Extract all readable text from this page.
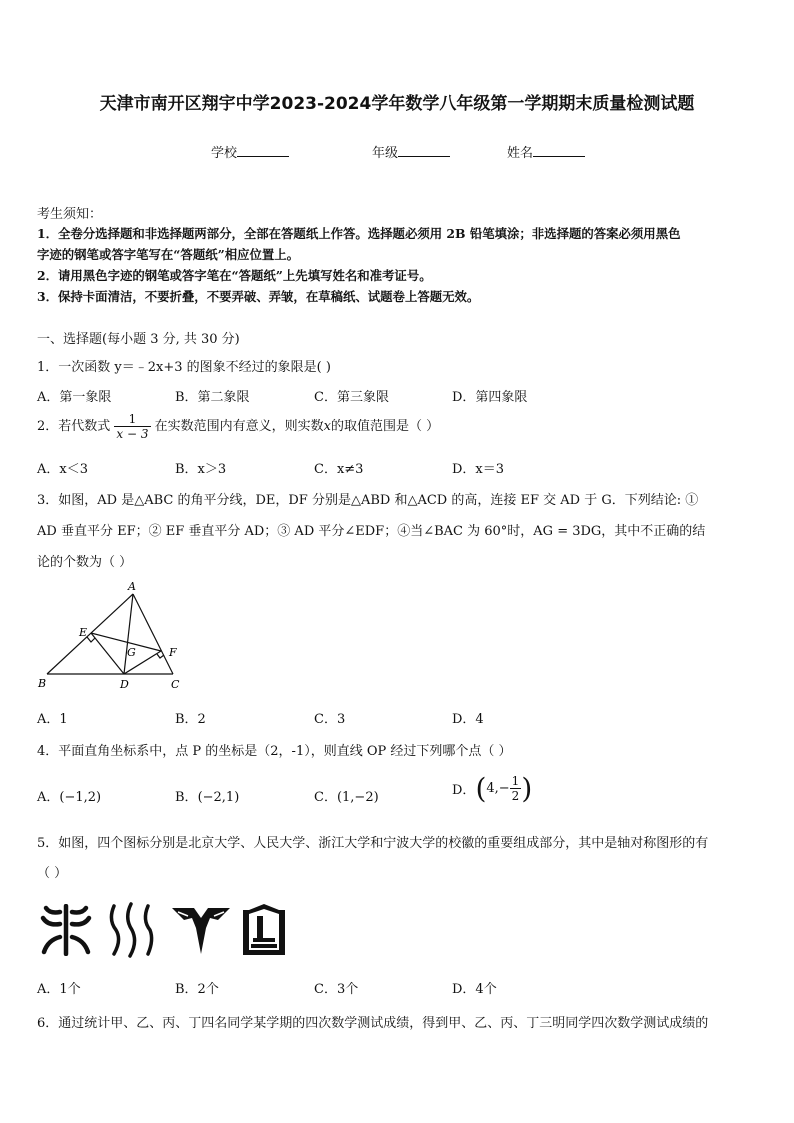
天津市南开区翔宇中学2023-2024学年数学八年级第一学期期末质量检测试题
学校	年级	姓名
考生须知：
1．全卷分选择题和非选择题两部分，全部在答题纸上作答。选择题必须用 2B 铅笔填涂；非选择题的答案必须用黑色
字迹的钢笔或答字笔写在“答题纸”相应位置上。
2．请用黑色字迹的钢笔或答字笔在“答题纸”上先填写姓名和准考证号。
3．保持卡面清洁，不要折叠，不要弄破、弄皱，在草稿纸、试题卷上答题无效。
一、选择题(每小题 3 分, 共 30 分)
1．一次函数 y＝﹣2x+3 的图象不经过的象限是( )
A．第一象限	B．第二象限	C．第三象限	D．第四象限
2．若代数式 $\frac{1}{x - 3}$ 在实数范围内有意义，则实数x的取值范围是（ ）
A．x＜3	B．x＞3	C．x≠3	D．x＝3
3．如图，AD 是△ABC 的角平分线，DE，DF 分别是△ABD 和△ACD 的高，连接 EF 交 AD 于 G．下列结论: ①
AD 垂直平分 EF；② EF 垂直平分 AD；③ AD 平分∠EDF；④当∠BAC 为 60°时，AG = 3DG，其中不正确的结
论的个数为（ ）
A
B	C
D
E
F
G
A．1	B．2	C．3	D．4
4．平面直角坐标系中，点 P 的坐标是（2，-1），则直线 OP 经过下列哪个点（ ）
A．(−1,2)	B．(−2,1)	C．(1,−2)	D．($4,- \frac{1}{2}$ )
5．如图，四个图标分别是北京大学、人民大学、浙江大学和宁波大学的校徽的重要组成部分，其中是轴对称图形的有
（ ）
A．1个	B．2个	C．3个	D．4个
6．通过统计甲、乙、丙、丁四名同学某学期的四次数学测试成绩，得到甲、乙、丙、丁三明同学四次数学测试成绩的
